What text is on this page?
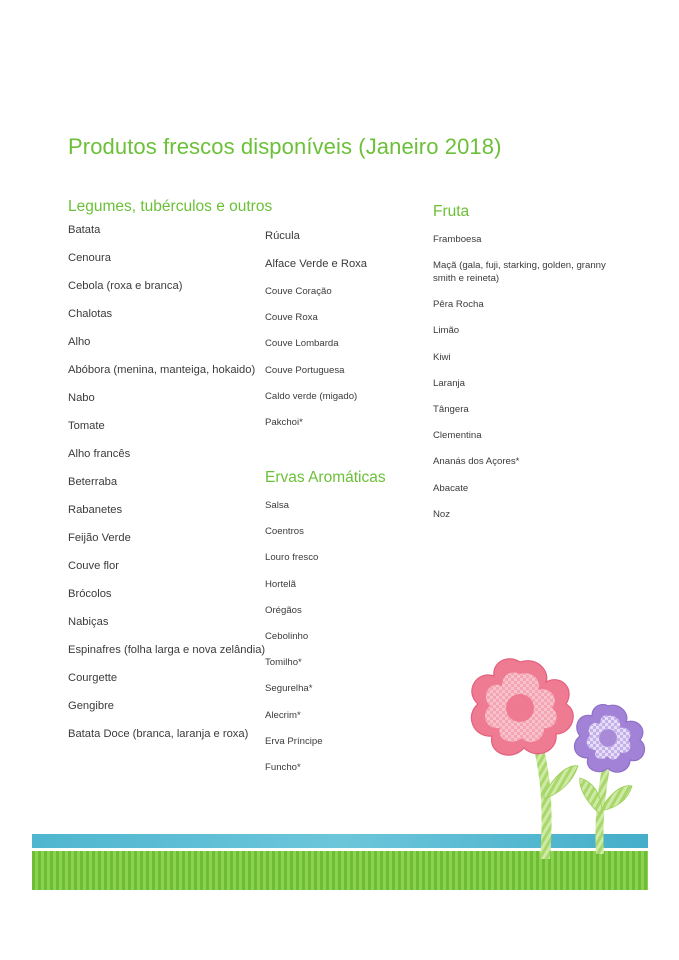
Produtos frescos disponíveis (Janeiro 2018)
Legumes, tubérculos e outros
Batata
Cenoura
Cebola (roxa e branca)
Chalotas
Alho
Abóbora (menina, manteiga, hokaido)
Nabo
Tomate
Alho francês
Beterraba
Rabanetes
Feijão Verde
Couve flor
Brócolos
Nabiças
Espinafres (folha larga e nova zelândia)
Courgette
Gengibre
Batata Doce (branca, laranja e roxa)
Rúcula
Alface Verde e Roxa
Couve Coração
Couve Roxa
Couve Lombarda
Couve Portuguesa
Caldo verde (migado)
Pakchoi*
Ervas Aromáticas
Salsa
Coentros
Louro fresco
Hortelã
Orégãos
Cebolinho
Tomilho*
Segurelha*
Alecrim*
Erva Príncipe
Funcho*
Fruta
Framboesa
Maçã (gala, fuji, starking, golden, granny smith e reineta)
Pêra Rocha
Limão
Kiwi
Laranja
Tângera
Clementina
Ananás dos Açores*
Abacate
Noz
